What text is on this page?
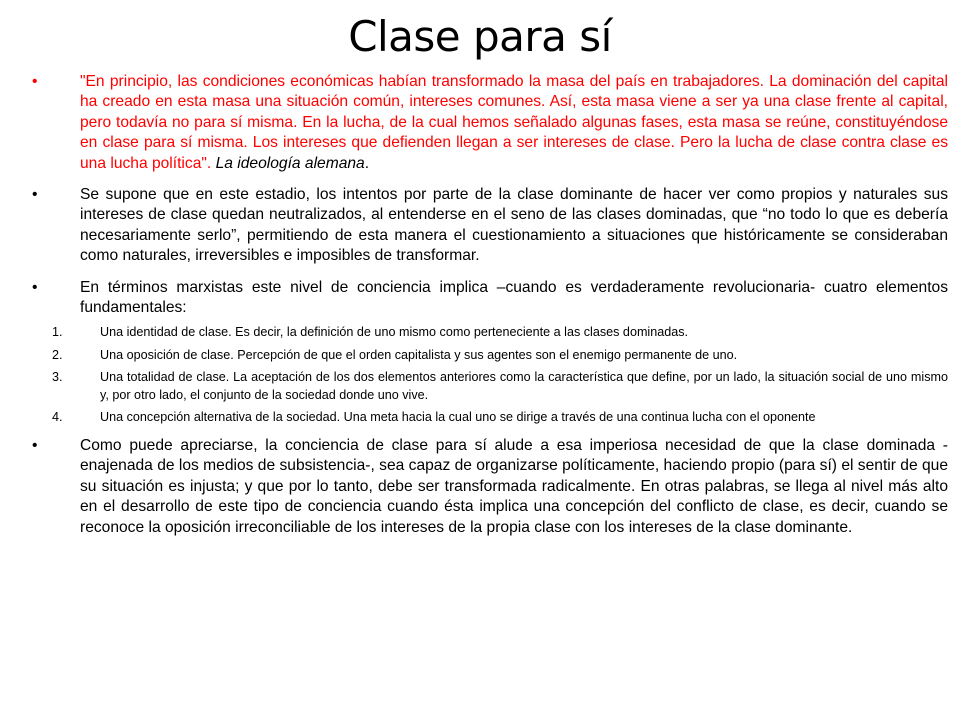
Clase para sí
•	"En principio, las condiciones económicas habían transformado la masa del país en trabajadores. La dominación del capital ha creado en esta masa una situación común, intereses comunes. Así, esta masa viene a ser ya una clase frente al capital, pero todavía no para sí misma. En la lucha, de la cual hemos señalado algunas fases, esta masa se reúne, constituyéndose en clase para sí misma. Los intereses que defienden llegan a ser intereses de clase. Pero la lucha de clase contra clase es una lucha política". La ideología alemana.
•	Se supone que en este estadio, los intentos por parte de la clase dominante de hacer ver como propios y naturales sus intereses de clase quedan neutralizados, al entenderse en el seno de las clases dominadas, que “no todo lo que es debería necesariamente serlo”, permitiendo de esta manera el cuestionamiento a situaciones que históricamente se consideraban como naturales, irreversibles e imposibles de transformar.
•	En términos marxistas este nivel de conciencia implica –cuando es verdaderamente revolucionaria- cuatro elementos fundamentales:
1.	Una identidad de clase. Es decir, la definición de uno mismo como perteneciente a las clases dominadas.
2.	Una oposición de clase. Percepción de que el orden capitalista y sus agentes son el enemigo permanente de uno.
3.	Una totalidad de clase. La aceptación de los dos elementos anteriores como la característica que define, por un lado, la situación social de uno mismo y, por otro lado, el conjunto de la sociedad donde uno vive.
4.	Una concepción alternativa de la sociedad. Una meta hacia la cual uno se dirige a través de una continua lucha con el oponente
•	Como puede apreciarse, la conciencia de clase para sí alude a esa imperiosa necesidad de que la clase dominada -enajenada de los medios de subsistencia-, sea capaz de organizarse políticamente, haciendo propio (para sí) el sentir de que su situación es injusta; y que por lo tanto, debe ser transformada radicalmente. En otras palabras, se llega al nivel más alto en el desarrollo de este tipo de conciencia cuando ésta implica una concepción del conflicto de clase, es decir, cuando se reconoce la oposición irreconciliable de los intereses de la propia clase con los intereses de la clase dominante.
